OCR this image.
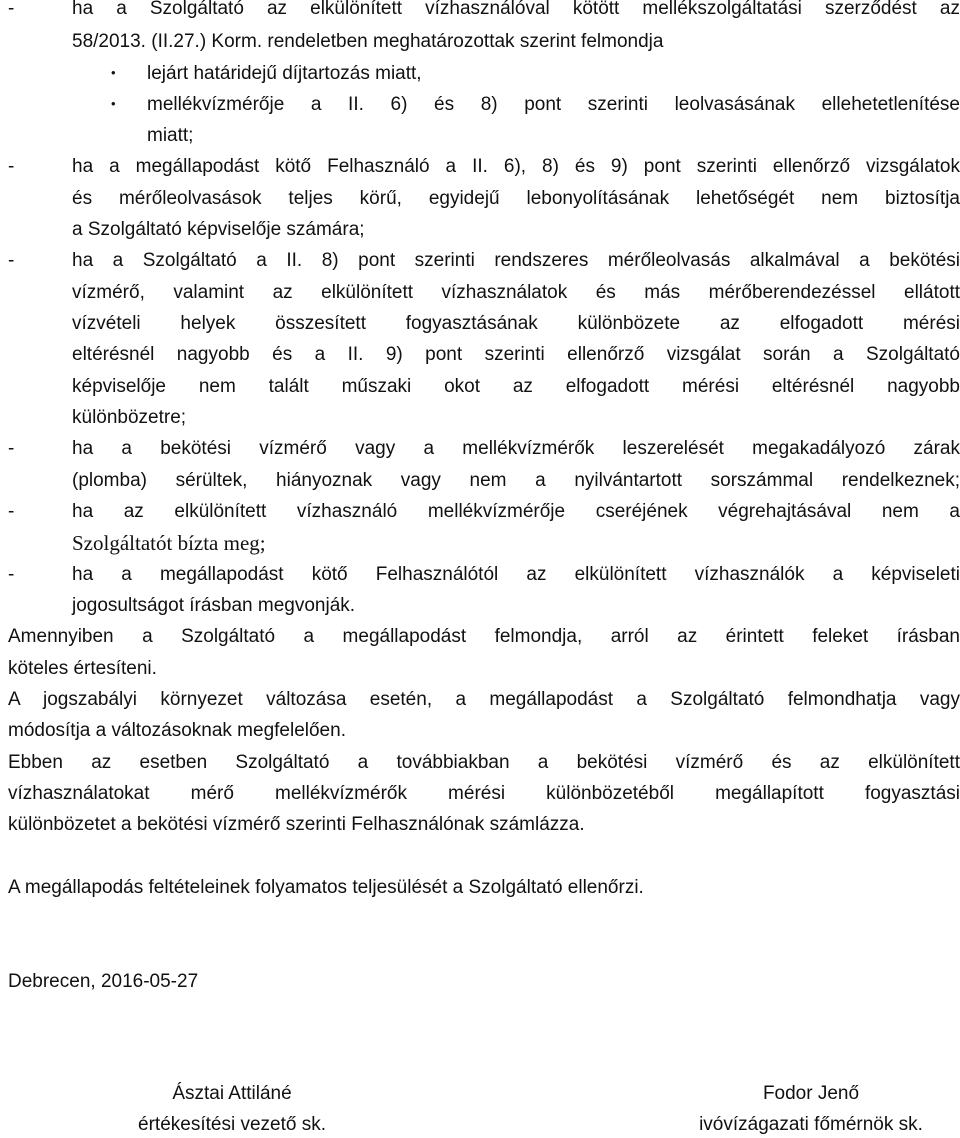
-	ha a Szolgáltató az elkülönített vízhasználóval kötött mellékszolgáltatási szerződést az
58/2013. (II.27.) Korm. rendeletben meghatározottak szerint felmondja
• lejárt határidejű díjtartozás miatt,
• mellékvízmérője a II. 6) és 8) pont szerinti leolvasásának ellehetetlenítése
miatt;
-	ha a megállapodást kötő Felhasználó a II. 6), 8) és 9) pont szerinti ellenőrző vizsgálatok
és mérőleolvasások teljes körű, egyidejű lebonyolításának lehetőségét nem biztosítja
a Szolgáltató képviselője számára;
-	ha a Szolgáltató a II. 8) pont szerinti rendszeres mérőleolvasás alkalmával a bekötési
vízmérő, valamint az elkülönített vízhasználatok és más mérőberendezéssel ellátott
vízvételi helyek összesített fogyasztásának különbözete az elfogadott mérési
eltérésnél nagyobb és a II. 9) pont szerinti ellenőrző vizsgálat során a Szolgáltató
képviselője nem talált műszaki okot az elfogadott mérési eltérésnél nagyobb
különbözetre;
-	ha a bekötési vízmérő vagy a mellékvízmérők leszerelését megakadályozó zárak
(plomba) sérültek, hiányoznak vagy nem a nyilvántartott sorszámmal rendelkeznek;
-	ha az elkülönített vízhasználó mellékvízmérője cseréjének végrehajtásával nem a
Szolgáltatót bízta meg;
-	ha a megállapodást kötő Felhasználótól az elkülönített vízhasználók a képviseleti
jogosultságot írásban megvonják.
Amennyiben a Szolgáltató a megállapodást felmondja, arról az érintett feleket írásban
köteles értesíteni.
A jogszabályi környezet változása esetén, a megállapodást a Szolgáltató felmondhatja vagy
módosítja a változásoknak megfelelően.
Ebben az esetben Szolgáltató a továbbiakban a bekötési vízmérő és az elkülönített
vízhasználatokat mérő mellékvízmérők mérési különbözetéből megállapított fogyasztási
különbözetet a bekötési vízmérő szerinti Felhasználónak számlázza.
A megállapodás feltételeinek folyamatos teljesülését a Szolgáltató ellenőrzi.
Debrecen, 2016-05-27
Ásztai Attiláné
értékesítési vezető sk.
Fodor Jenő
ivóvízágazati főmérnök sk.
